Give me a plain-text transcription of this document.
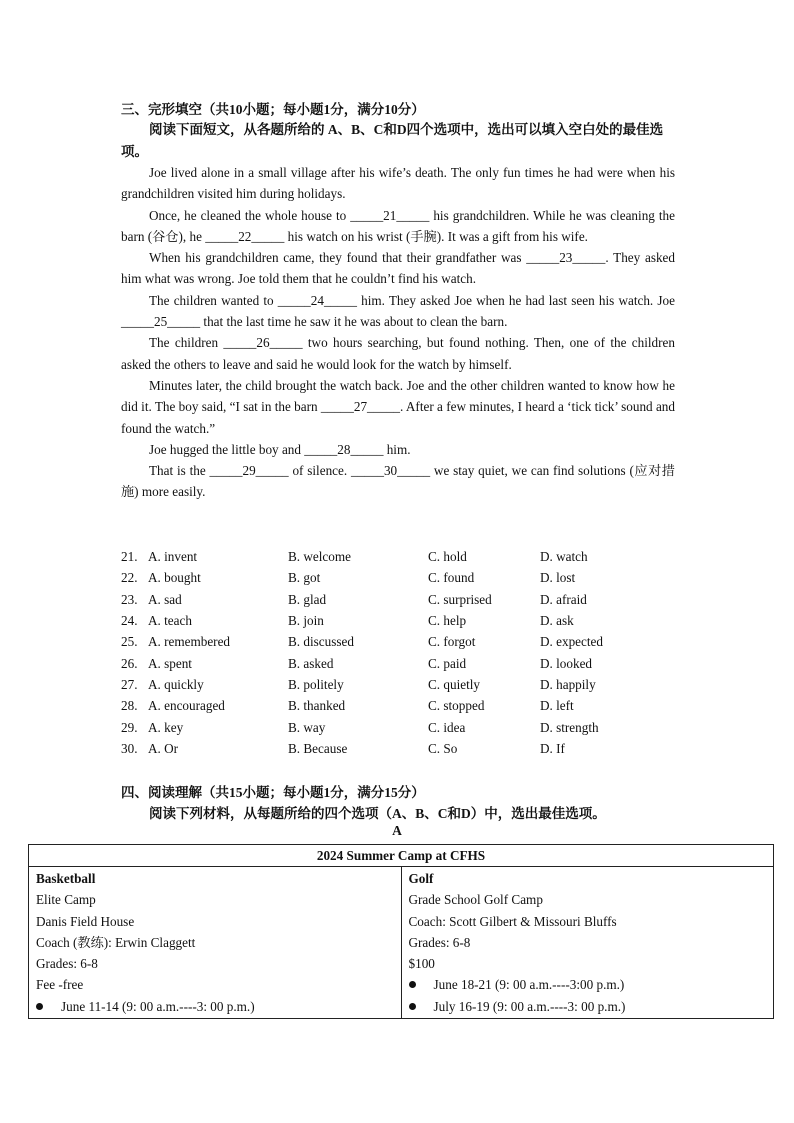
三、完形填空（共10小题；每小题1分，满分10分）
阅读下面短文，从各题所给的 A、B、C和D四个选项中，选出可以填入空白处的最佳选项。

Joe lived alone in a small village after his wife’s death. The only fun times he had were when his grandchildren visited him during holidays.

Once, he cleaned the whole house to _____21_____ his grandchildren. While he was cleaning the barn (谷仓), he _____22_____ his watch on his wrist (手腕). It was a gift from his wife.

When his grandchildren came, they found that their grandfather was _____23_____. They asked him what was wrong. Joe told them that he couldn’t find his watch.

The children wanted to _____24_____ him. They asked Joe when he had last seen his watch. Joe _____25_____ that the last time he saw it he was about to clean the barn.

The children _____26_____ two hours searching, but found nothing. Then, one of the children asked the others to leave and said he would look for the watch by himself.

Minutes later, the child brought the watch back. Joe and the other children wanted to know how he did it. The boy said, “I sat in the barn _____27_____. After a few minutes, I heard a ‘tick tick’ sound and found the watch.”

Joe hugged the little boy and _____28_____ him.

That is the _____29_____ of silence. _____30_____ we stay quiet, we can find solutions (应对措施) more easily.

21. A. invent	B. welcome	C. hold	D. watch
22. A. bought	B. got	C. found	D. lost
23. A. sad	B. glad	C. surprised	D. afraid
24. A. teach	B. join	C. help	D. ask
25. A. remembered	B. discussed	C. forgot	D. expected
26. A. spent	B. asked	C. paid	D. looked
27. A. quickly	B. politely	C. quietly	D. happily
28. A. encouraged	B. thanked	C. stopped	D. left
29. A. key	B. way	C. idea	D. strength
30. A. Or	B. Because	C. So	D. If
四、阅读理解（共15小题；每小题1分，满分15分）
阅读下列材料，从每题所给的四个选项（A、B、C和D）中，选出最佳选项。
A
2024 Summer Camp at CFHS

Basketball
Elite Camp
Danis Field House
Coach (教练): Erwin Claggett
Grades: 6-8
Fee -free
June 11-14 (9: 00 a.m.----3: 00 p.m.)

Golf
Grade School Golf Camp
Coach: Scott Gilbert & Missouri Bluffs
Grades: 6-8
$100
June 18-21 (9: 00 a.m.----3:00 p.m.)
July 16-19 (9: 00 a.m.----3: 00 p.m.)
